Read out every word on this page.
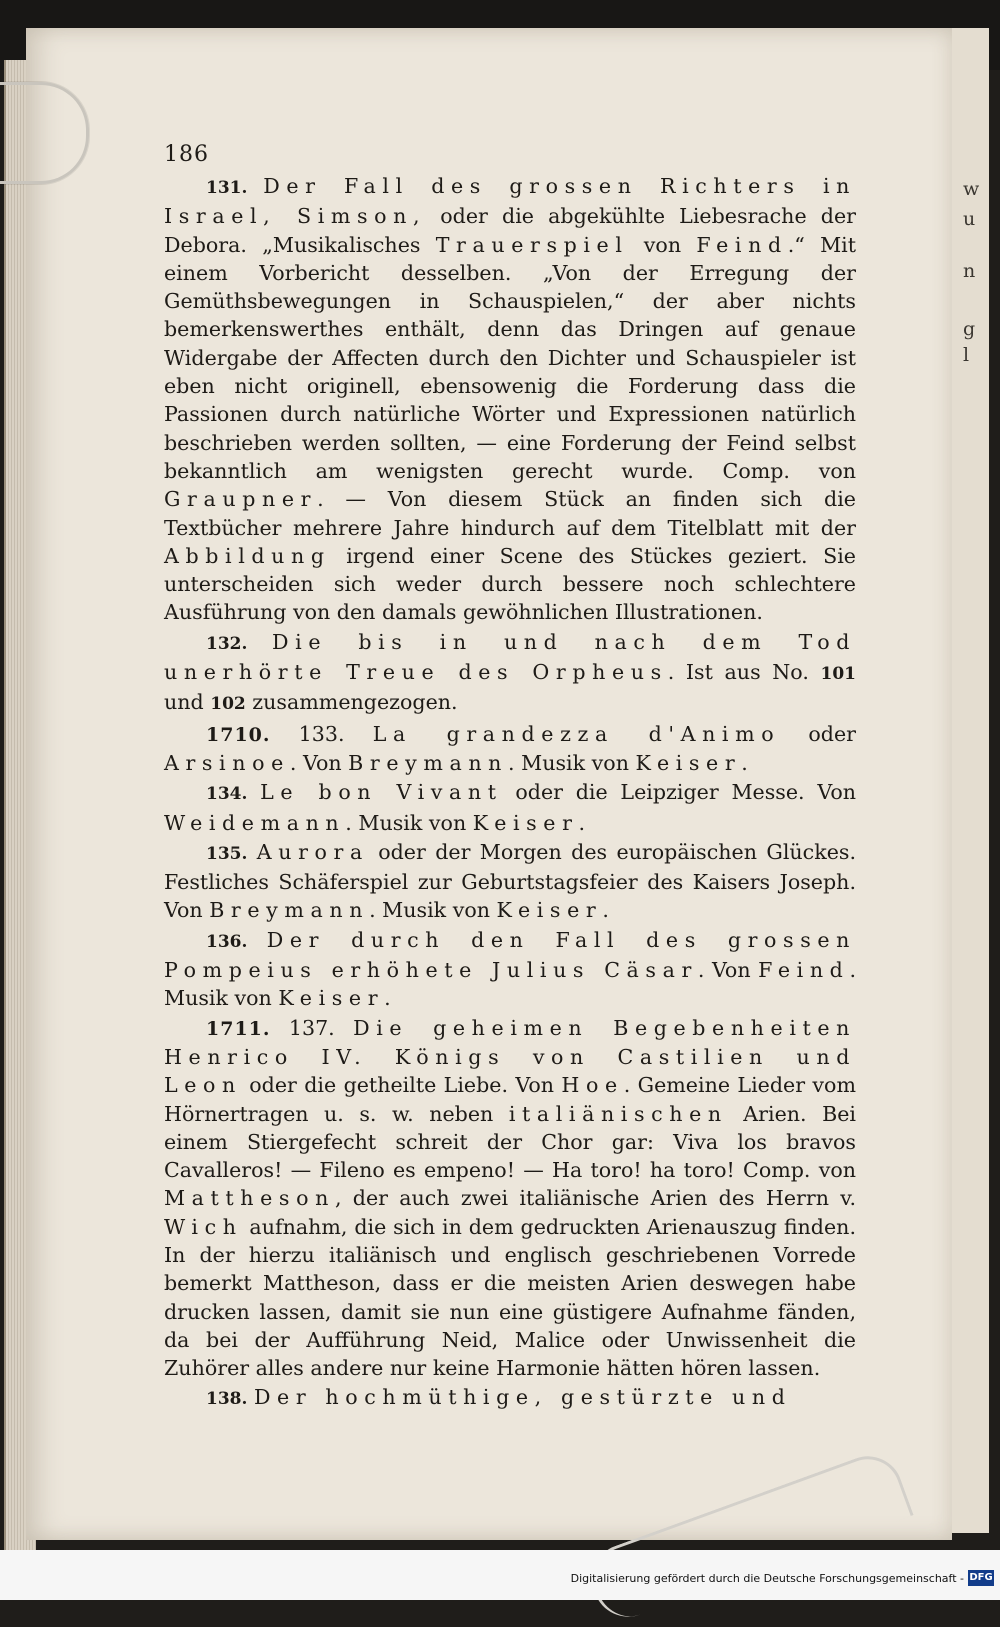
w
u
n
g
l
186

131. Der Fall des grossen Richters in Israel, Simson, oder die abgekühlte Liebesrache der Debora. „Musikalisches Trauerspiel von Feind.“ Mit einem Vorbericht desselben. „Von der Erregung der Gemüthsbewegungen in Schauspielen,“ der aber nichts bemerkenswerthes enthält, denn das Dringen auf genaue Widergabe der Affecten durch den Dichter und Schauspieler ist eben nicht originell, ebensowenig die Forderung dass die Passionen durch natürliche Wörter und Expressionen natürlich beschrieben werden sollten, — eine Forderung der Feind selbst bekanntlich am wenigsten gerecht wurde. Comp. von Graupner. — Von diesem Stück an finden sich die Textbücher mehrere Jahre hindurch auf dem Titelblatt mit der Abbildung irgend einer Scene des Stückes geziert. Sie unterscheiden sich weder durch bessere noch schlechtere Ausführung von den damals gewöhnlichen Illustrationen.

132. Die bis in und nach dem Tod unerhörte Treue des Orpheus. Ist aus No. 101 und 102 zusammengezogen.

1710. 133. La grandezza d'Animo oder Arsinoe. Von Breymann. Musik von Keiser.

134. Le bon Vivant oder die Leipziger Messe. Von Weidemann. Musik von Keiser.

135. Aurora oder der Morgen des europäischen Glückes. Festliches Schäferspiel zur Geburtstagsfeier des Kaisers Joseph. Von Breymann. Musik von Keiser.

136. Der durch den Fall des grossen Pompeius erhöhete Julius Cäsar. Von Feind. Musik von Keiser.

1711. 137. Die geheimen Begebenheiten Henrico IV. Königs von Castilien und Leon oder die getheilte Liebe. Von Hoe. Gemeine Lieder vom Hörnertragen u. s. w. neben italiänischen Arien. Bei einem Stiergefecht schreit der Chor gar: Viva los bravos Cavalleros! — Fileno es empeno! — Ha toro! ha toro! Comp. von Mattheson, der auch zwei italiänische Arien des Herrn v. Wich aufnahm, die sich in dem gedruckten Arienauszug finden. In der hierzu italiänisch und englisch geschriebenen Vorrede bemerkt Mattheson, dass er die meisten Arien deswegen habe drucken lassen, damit sie nun eine güstigere Aufnahme fänden, da bei der Aufführung Neid, Malice oder Unwissenheit die Zuhörer alles andere nur keine Harmonie hätten hören lassen.

138. Der hochmüthige, gestürzte und

Digitalisierung gefördert durch die Deutsche Forschungsgemeinschaft - DFG
